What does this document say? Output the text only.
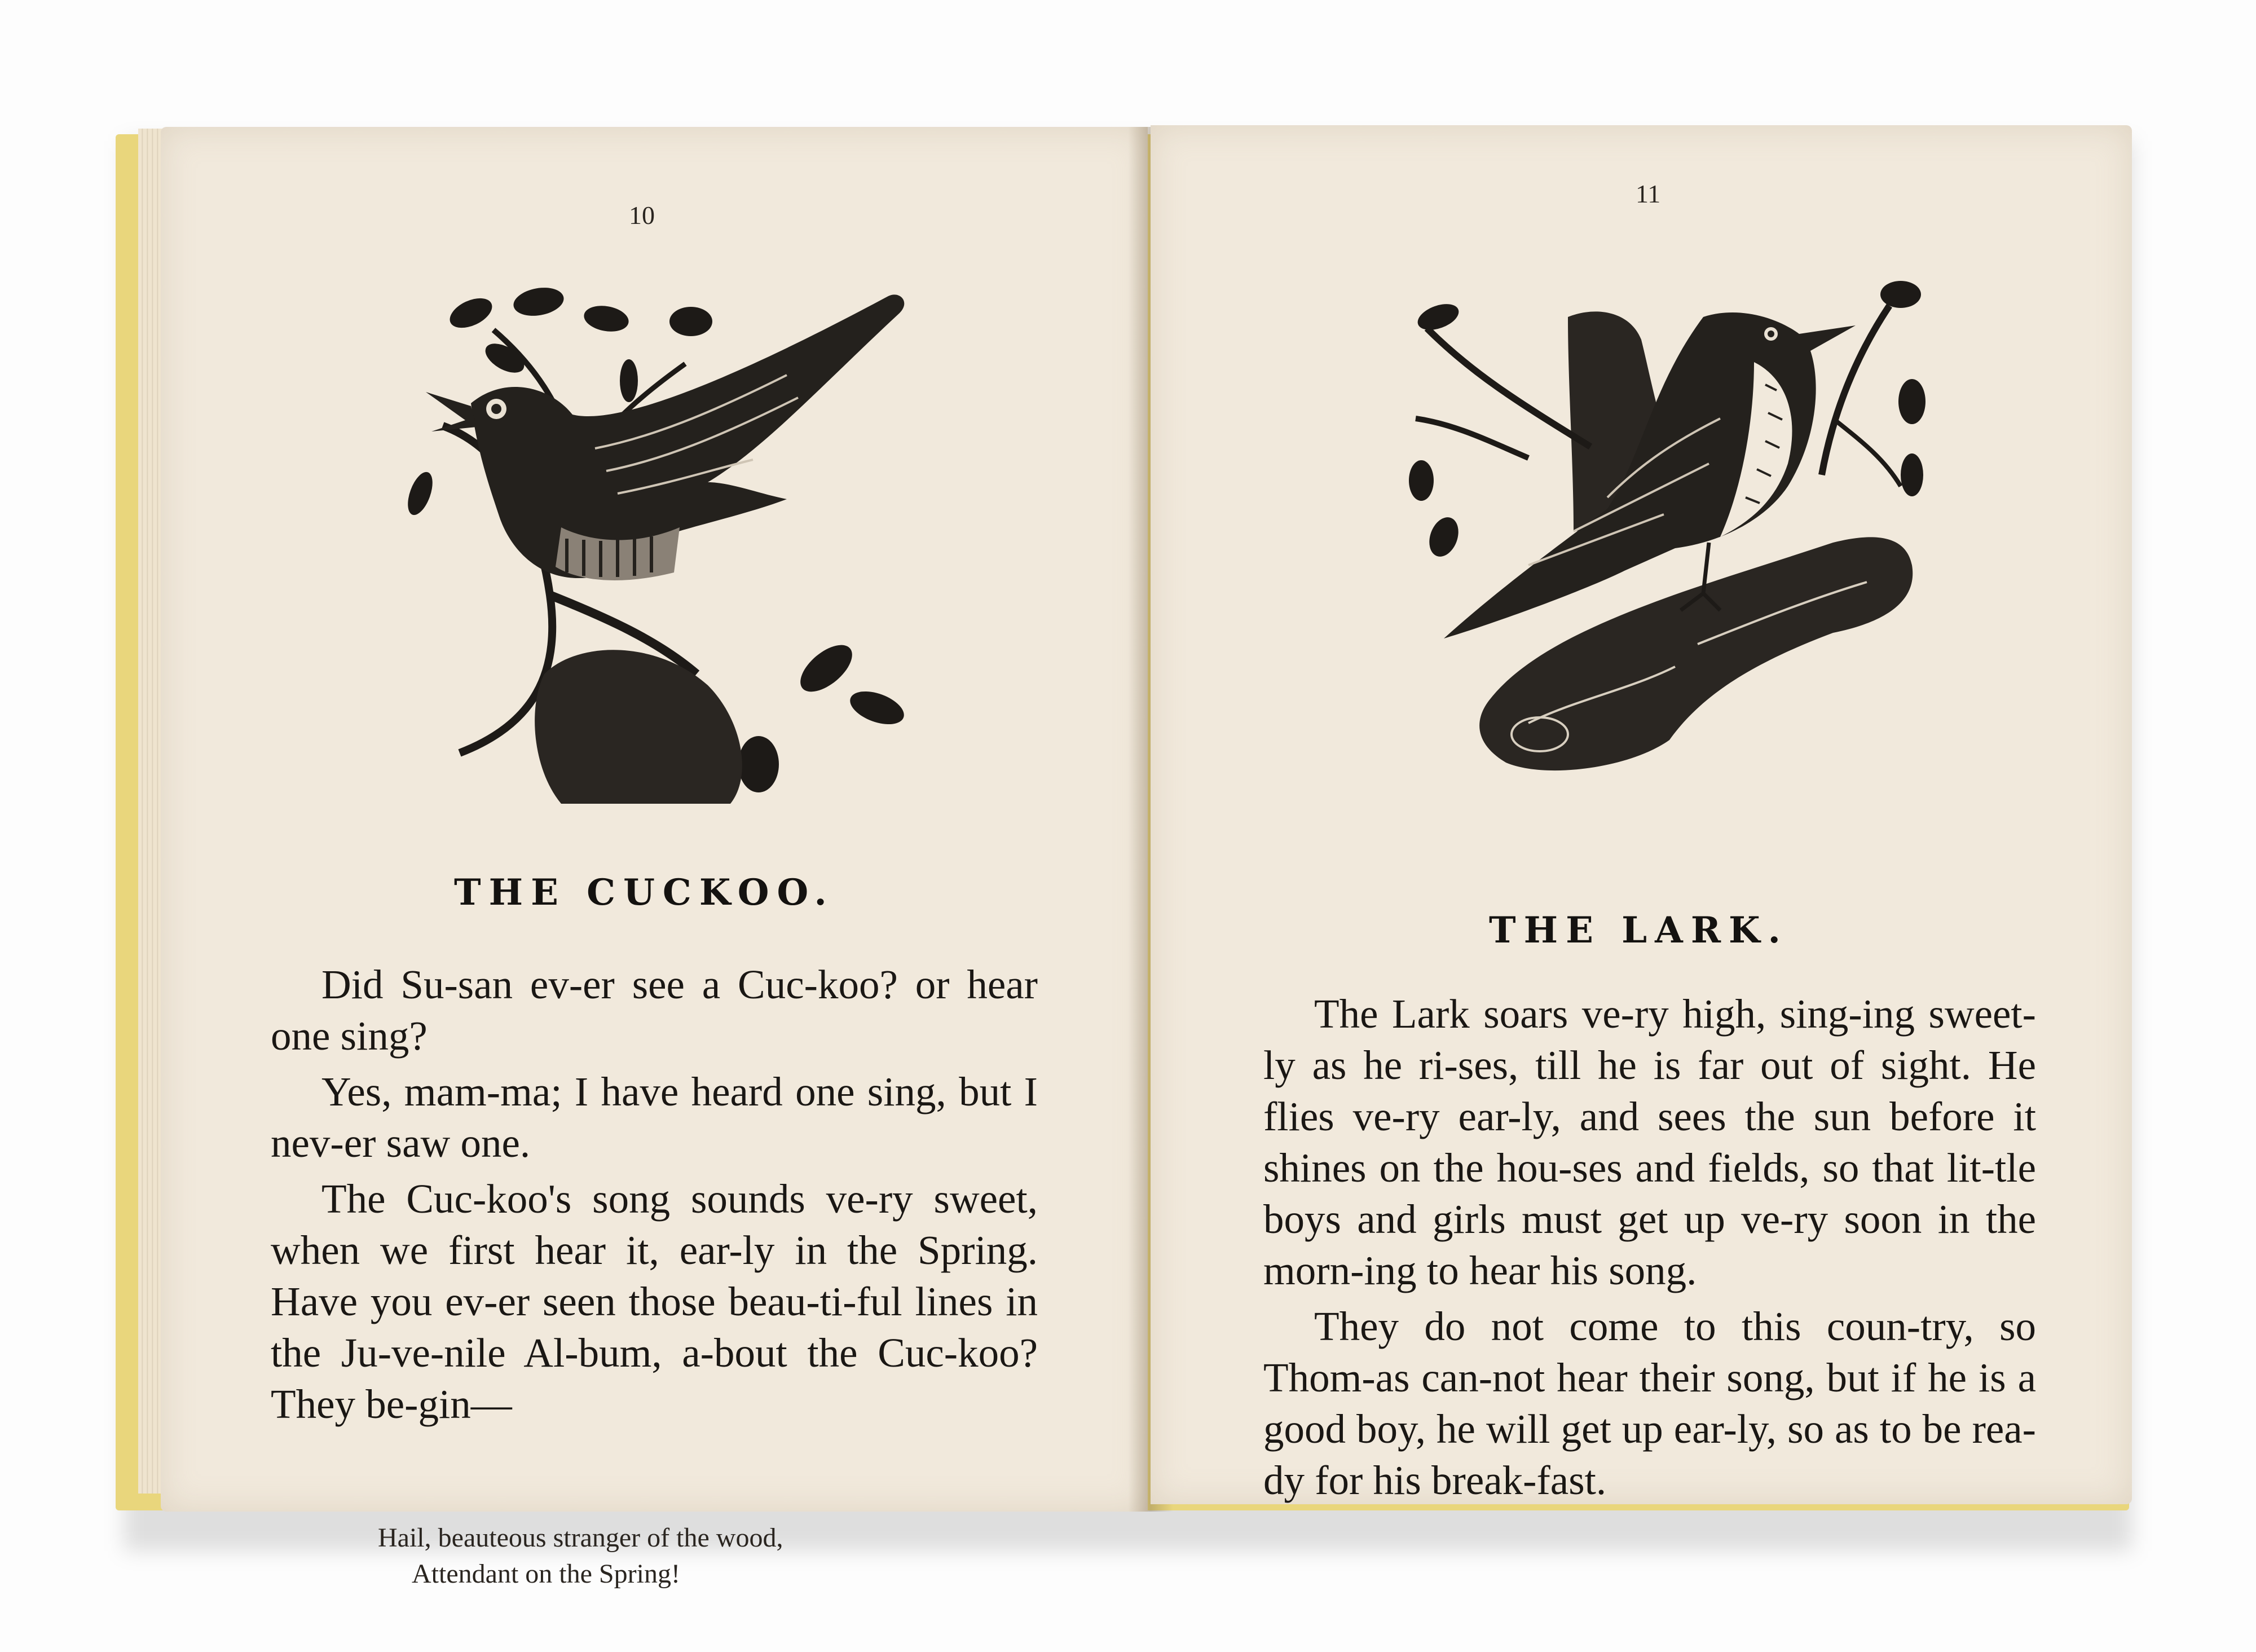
10
THE CUCKOO.

Did Su-san ev-er see a Cuc-koo? or hear one sing?

Yes, mam-ma; I have heard one sing, but I nev-er saw one.

The Cuc-koo's song sounds ve-ry sweet, when we first hear it, ear-ly in the Spring. Have you ev-er seen those beau-ti-ful lines in the Ju-ve-nile Al-bum, a-bout the Cuc-koo? They be-gin—

Hail, beauteous stranger of the wood,
Attendant on the Spring!
11
THE LARK.

The Lark soars ve-ry high, sing-ing sweet-ly as he ri-ses, till he is far out of sight. He flies ve-ry ear-ly, and sees the sun before it shines on the hou-ses and fields, so that lit-tle boys and girls must get up ve-ry soon in the morn-ing to hear his song.

They do not come to this coun-try, so Thom-as can-not hear their song, but if he is a good boy, he will get up ear-ly, so as to be rea-dy for his break-fast.
